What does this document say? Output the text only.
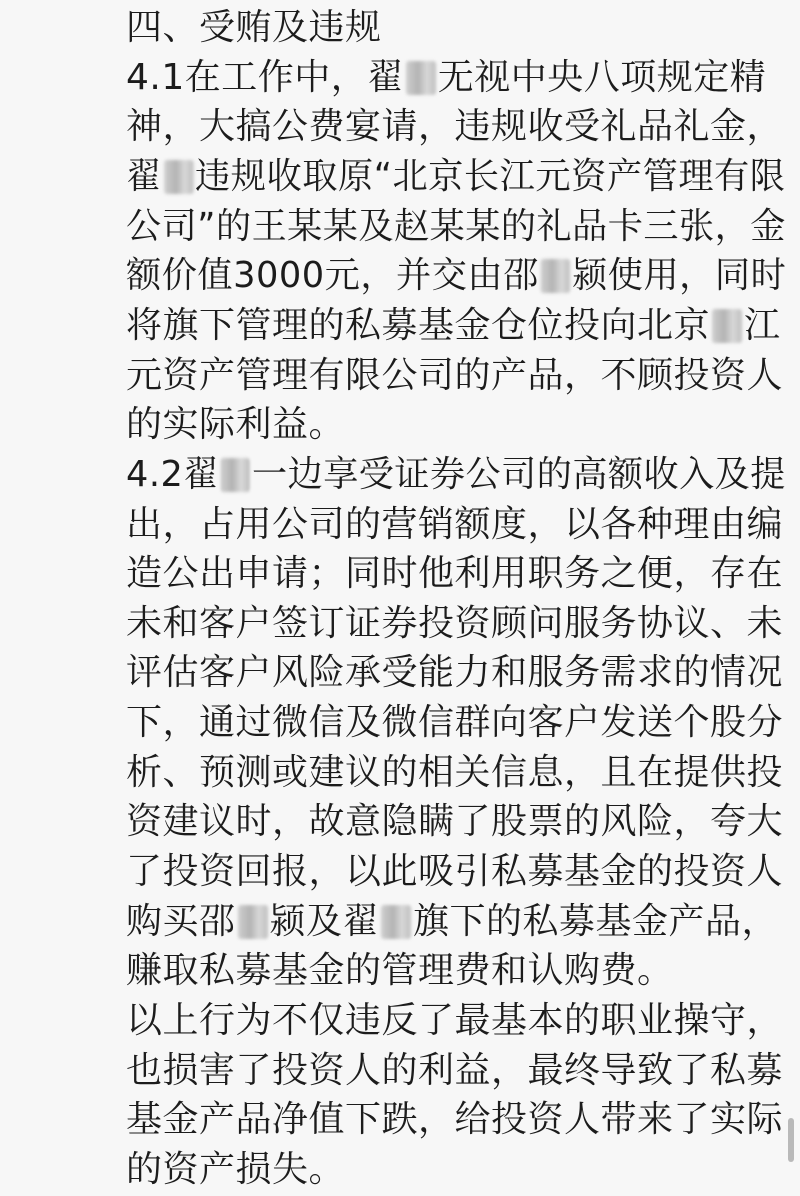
四、受贿及违规
4.1在工作中，翟 无视中央八项规定精
神，大搞公费宴请，违规收受礼品礼金，
翟 违规收取原“北京长江元资产管理有限
公司”的王某某及赵某某的礼品卡三张，金
额价值3000元，并交由邵 颍使用，同时
将旗下管理的私募基金仓位投向北京 江
元资产管理有限公司的产品，不顾投资人
的实际利益。
4.2翟 一边享受证券公司的高额收入及提
出，占用公司的营销额度，以各种理由编
造公出申请；同时他利用职务之便，存在
未和客户签订证券投资顾问服务协议、未
评估客户风险承受能力和服务需求的情况
下，通过微信及微信群向客户发送个股分
析、预测或建议的相关信息，且在提供投
资建议时，故意隐瞒了股票的风险，夸大
了投资回报，以此吸引私募基金的投资人
购买邵 颍及翟 旗下的私募基金产品，
赚取私募基金的管理费和认购费。
以上行为不仅违反了最基本的职业操守，
也损害了投资人的利益，最终导致了私募
基金产品净值下跌，给投资人带来了实际
的资产损失。
